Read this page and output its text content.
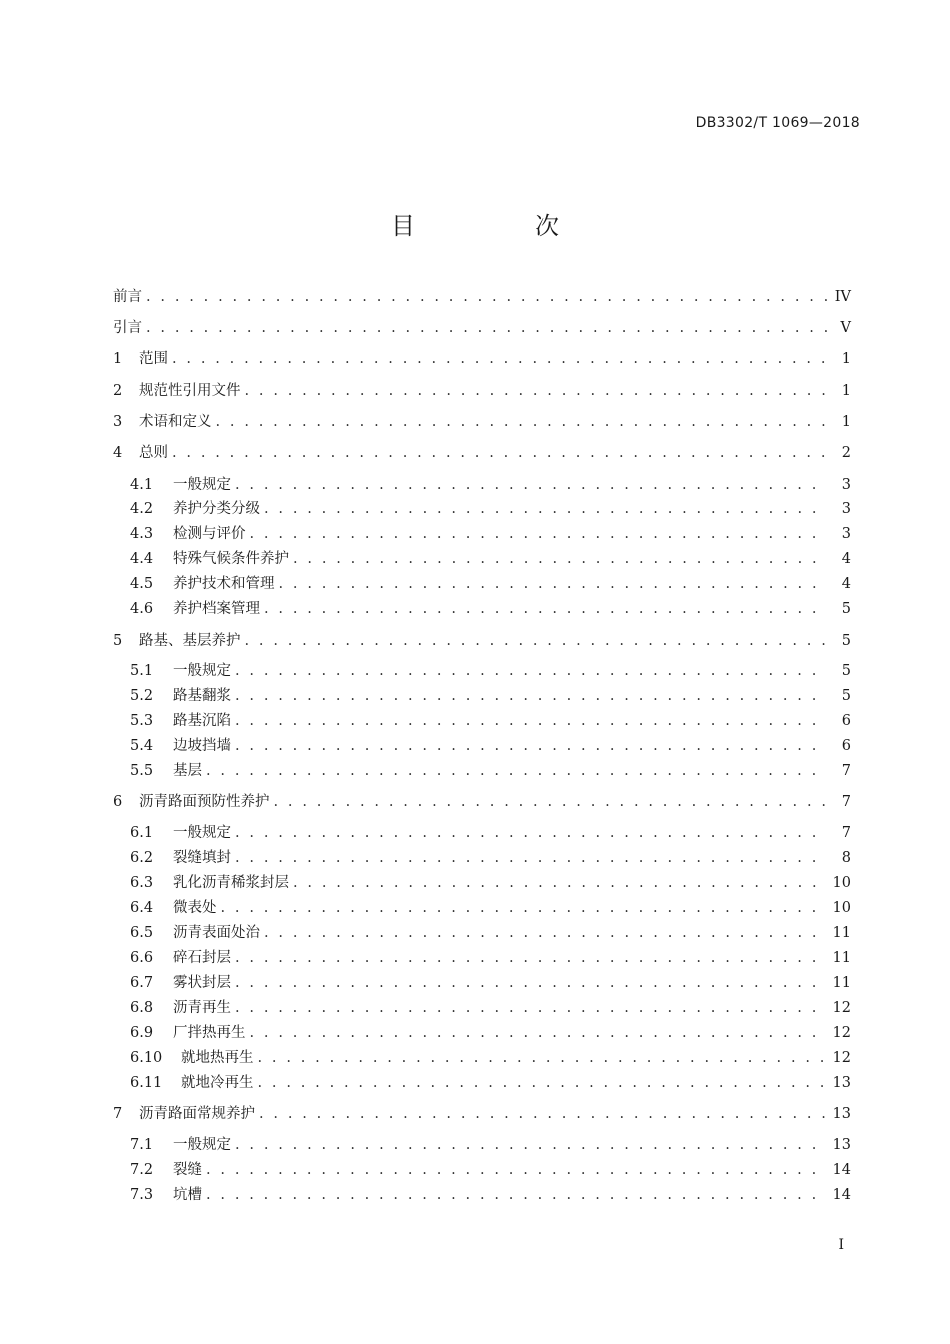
DB3302/T 1069—2018
目　次
前言 . . .	IV
引言 . . .	V
1	范围 . . .	1
2	规范性引用文件 . . .	1
3	术语和定义 . . .	1
4	总则 . . .	2
4.1	一般规定 . . .	3
4.2	养护分类分级 . . .	3
4.3	检测与评价 . . .	3
4.4	特殊气候条件养护 . . .	4
4.5	养护技术和管理 . . .	4
4.6	养护档案管理 . . .	5
5	路基、基层养护 . . .	5
5.1	一般规定 . . .	5
5.2	路基翻浆 . . .	5
5.3	路基沉陷 . . .	6
5.4	边坡挡墙 . . .	6
5.5	基层 . . .	7
6	沥青路面预防性养护 . . .	7
6.1	一般规定 . . .	7
6.2	裂缝填封 . . .	8
6.3	乳化沥青稀浆封层 . . .	10
6.4	微表处 . . .	10
6.5	沥青表面处治 . . .	11
6.6	碎石封层 . . .	11
6.7	雾状封层 . . .	11
6.8	沥青再生 . . .	12
6.9	厂拌热再生 . . .	12
6.10	就地热再生 . . .	12
6.11	就地冷再生 . . .	13
7	沥青路面常规养护 . . .	13
7.1	一般规定 . . .	13
7.2	裂缝 . . .	14
7.3	坑槽 . . .	14
I
